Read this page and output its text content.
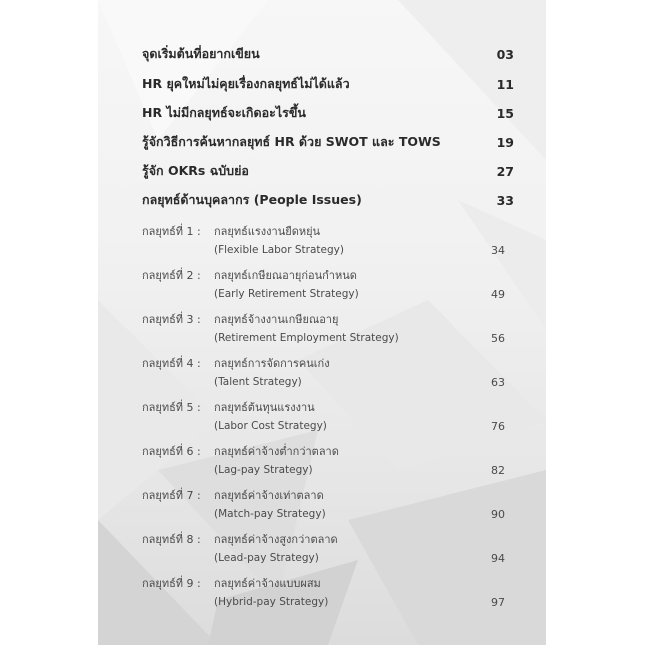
จุดเริ่มต้นที่อยากเขียน	03
HR ยุคใหม่ไม่คุยเรื่องกลยุทธ์ไม่ได้แล้ว	11
HR ไม่มีกลยุทธ์จะเกิดอะไรขึ้น	15
รู้จักวิธีการค้นหากลยุทธ์ HR ด้วย SWOT และ TOWS	19
รู้จัก OKRs ฉบับย่อ	27
กลยุทธ์ด้านบุคลากร (People Issues)	33
กลยุทธ์ที่ 1 : กลยุทธ์แรงงานยืดหยุ่น
(Flexible Labor Strategy)	34
กลยุทธ์ที่ 2 : กลยุทธ์เกษียณอายุก่อนกำหนด
(Early Retirement Strategy)	49
กลยุทธ์ที่ 3 : กลยุทธ์จ้างงานเกษียณอายุ
(Retirement Employment Strategy)	56
กลยุทธ์ที่ 4 : กลยุทธ์การจัดการคนเก่ง
(Talent Strategy)	63
กลยุทธ์ที่ 5 : กลยุทธ์ต้นทุนแรงงาน
(Labor Cost Strategy)	76
กลยุทธ์ที่ 6 : กลยุทธ์ค่าจ้างต่ำกว่าตลาด
(Lag-pay Strategy)	82
กลยุทธ์ที่ 7 : กลยุทธ์ค่าจ้างเท่าตลาด
(Match-pay Strategy)	90
กลยุทธ์ที่ 8 : กลยุทธ์ค่าจ้างสูงกว่าตลาด
(Lead-pay Strategy)	94
กลยุทธ์ที่ 9 : กลยุทธ์ค่าจ้างแบบผสม
(Hybrid-pay Strategy)	97
